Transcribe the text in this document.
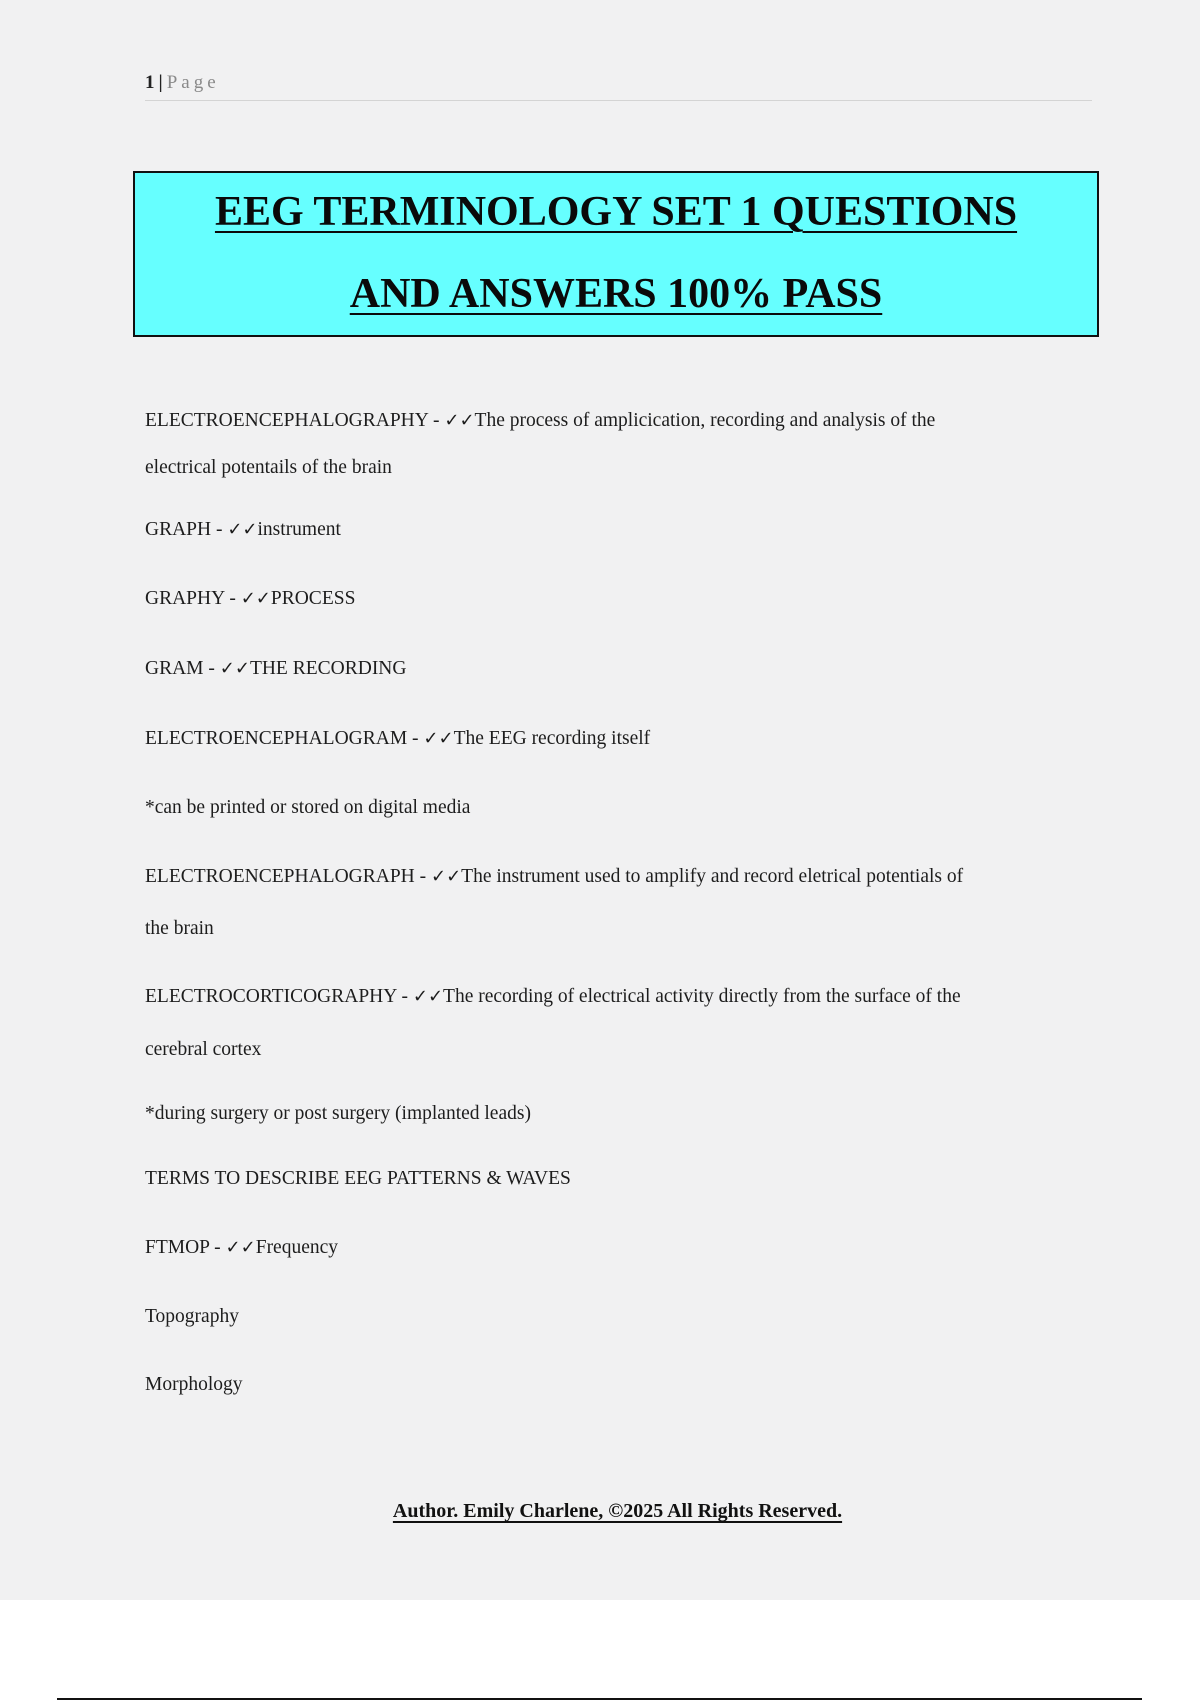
1 | Page

EEG TERMINOLOGY SET 1 QUESTIONS

AND ANSWERS 100% PASS

ELECTROENCEPHALOGRAPHY - ✓✓The process of amplicication, recording and analysis of the

electrical potentails of the brain

GRAPH - ✓✓instrument

GRAPHY - ✓✓PROCESS

GRAM - ✓✓THE RECORDING

ELECTROENCEPHALOGRAM - ✓✓The EEG recording itself

*can be printed or stored on digital media

ELECTROENCEPHALOGRAPH - ✓✓The instrument used to amplify and record eletrical potentials of

the brain

ELECTROCORTICOGRAPHY - ✓✓The recording of electrical activity directly from the surface of the

cerebral cortex

*during surgery or post surgery (implanted leads)

TERMS TO DESCRIBE EEG PATTERNS & WAVES

FTMOP - ✓✓Frequency

Topography

Morphology

Author. Emily Charlene, ©2025 All Rights Reserved.
